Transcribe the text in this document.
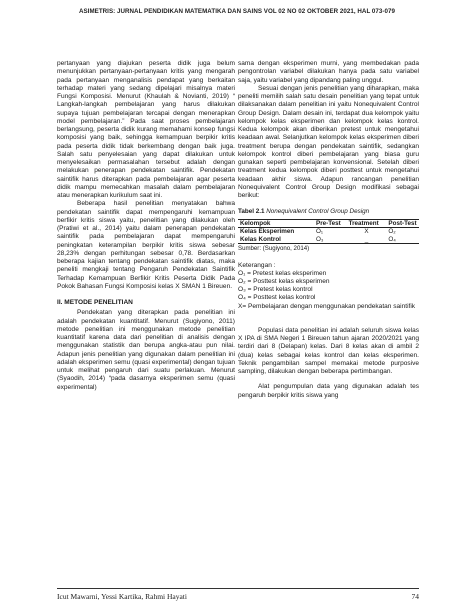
ASIMETRIS: JURNAL PENDIDIKAN MATEMATIKA DAN SAINS VOL 02 NO 02 OKTOBER 2021, HAL 073-079

pertanyaan yang diajukan peserta didik juga belum menunjukkan pertanyaan-pertanyaan kritis yang mengarah pada pertanyaan menganalisis pendapat yang berkaitan terhadap materi yang sedang dipelajari misalnya materi Fungsi Komposisi. Menurut (Khaulah & Novianti, 2019) “ Langkah-langkah pembelajaran yang harus dilakukan supaya tujuan pembelajaran tercapai dengan menerapkan model pembelajaran.” Pada saat proses pembelajaran berlangsung, peserta didik kurang memahami konsep fungsi komposisi yang baik, sehingga kemampuan berpikir kritis pada peserta didik tidak berkembang dengan baik juga. Salah satu penyelesaian yang dapat dilakukan untuk menyelesaikan permasalahan tersebut adalah dengan melakukan penerapan pendekatan saintifik. Pendekatan saintifik harus diterapkan pada pembelajaran agar peserta didik mampu memecahkan masalah dalam pembelajaran atau menerapkan kurikulum saat ini.

Beberapa hasil penelitian menyatakan bahwa pendekatan saintifik dapat mempengaruhi kemampuan berfikir kritis siswa yaitu, penelitian yang dilakukan oleh (Pratiwi et al., 2014) yaitu dalam penerapan pendekatan saintifik pada pembelajaran dapat mempengaruhi peningkatan keterampilan berpikir kritis siswa sebesar 28,23% dengan perhitungan sebesar 0,78. Berdasarkan beberapa kajian tentang pendekatan saintifik diatas, maka peneliti mengkaji tentang Pengaruh Pendekatan Saintifik Terhadap Kemampuan Berfikir Kritis Peserta Didik Pada Pokok Bahasan Fungsi Komposisi kelas X SMAN 1 Bireuen.

II. METODE PENELITIAN

Pendekatan yang diterapkan pada penelitian ini adalah pendekatan kuantitatif. Menurut (Sugiyono, 2011) metode penelitian ini menggunakan metode penelitian kuantitatif karena data dari penelitian di analisis dengan menggunakan statistik dan berupa angka-atau pun nilai. Adapun jenis penelitian yang digunakan dalam penelitian ini adalah eksperimen semu (quasi experimental) dengan tujuan untuk melihat pengaruh dari suatu perlakuan. Menurut (Syaodih, 2014) “pada dasarnya eksperimen semu (quasi experimental)

sama dengan eksperimen murni, yang membedakan pada pengontrolan variabel dilakukan hanya pada satu variabel saja, yaitu variabel yang dipandang paling unggul.

Sesuai dengan jenis penelitian yang diharapkan, maka peneliti memilih salah satu desain penelitian yang tepat untuk dilaksanakan dalam penelitian ini yaitu Nonequivalent Control Group Design. Dalam desain ini, terdapat dua kelompok yaitu kelompok kelas eksperimen dan kelompok kelas kontrol. Kedua kelompok akan diberikan pretest untuk mengetahui keadaan awal. Selanjutkan kelompok kelas eksperimen diberi treatment berupa dengan pendekatan saintifik, sedangkan kelompok kontrol diberi pembelajaran yang biasa guru gunakan seperti pembelajaran konvensional. Setelah diberi treatment kedua kelompok diberi posttest untuk mengetahui keadaan akhir siswa. Adapun rancangan penelitian Nonequivalent Control Group Design modifikasi sebagai berikut:

Tabel 2.1 Nonequivalent Control Group Design

Kelompok	Pre-Test	Treatment	Post-Test
Kelas Eksperimen	O₁	X	O₂
Kelas Kontrol	O₃	_	O₄

Sumber: (Sugiyono, 2014)

Keterangan :

O₁ = Pretest kelas eksperimen

O₂ = Posttest kelas eksperimen

O₃ = Pretest kelas kontrol

O₄ = Posttest kelas kontrol

X= Pembelajaran dengan menggunakan pendekatan saintifik

Populasi data penelitian ini adalah seluruh siswa kelas X IPA di SMA Negeri 1 Bireuen tahun ajaran 2020/2021 yang terdiri dari 8 (Delapan) kelas. Dari 8 kelas akan di ambil 2 (dua) kelas sebagai kelas kontrol dan kelas eksperimen. Teknik pengambilan sampel memakai metode purposive sampling, dilakukan dengan beberapa pertimbangan.

Alat pengumpulan data yang digunakan adalah tes pengaruh berpikir kritis siswa yang

Icut Mawarni, Yessi Kartika, Rahmi Hayati	74
